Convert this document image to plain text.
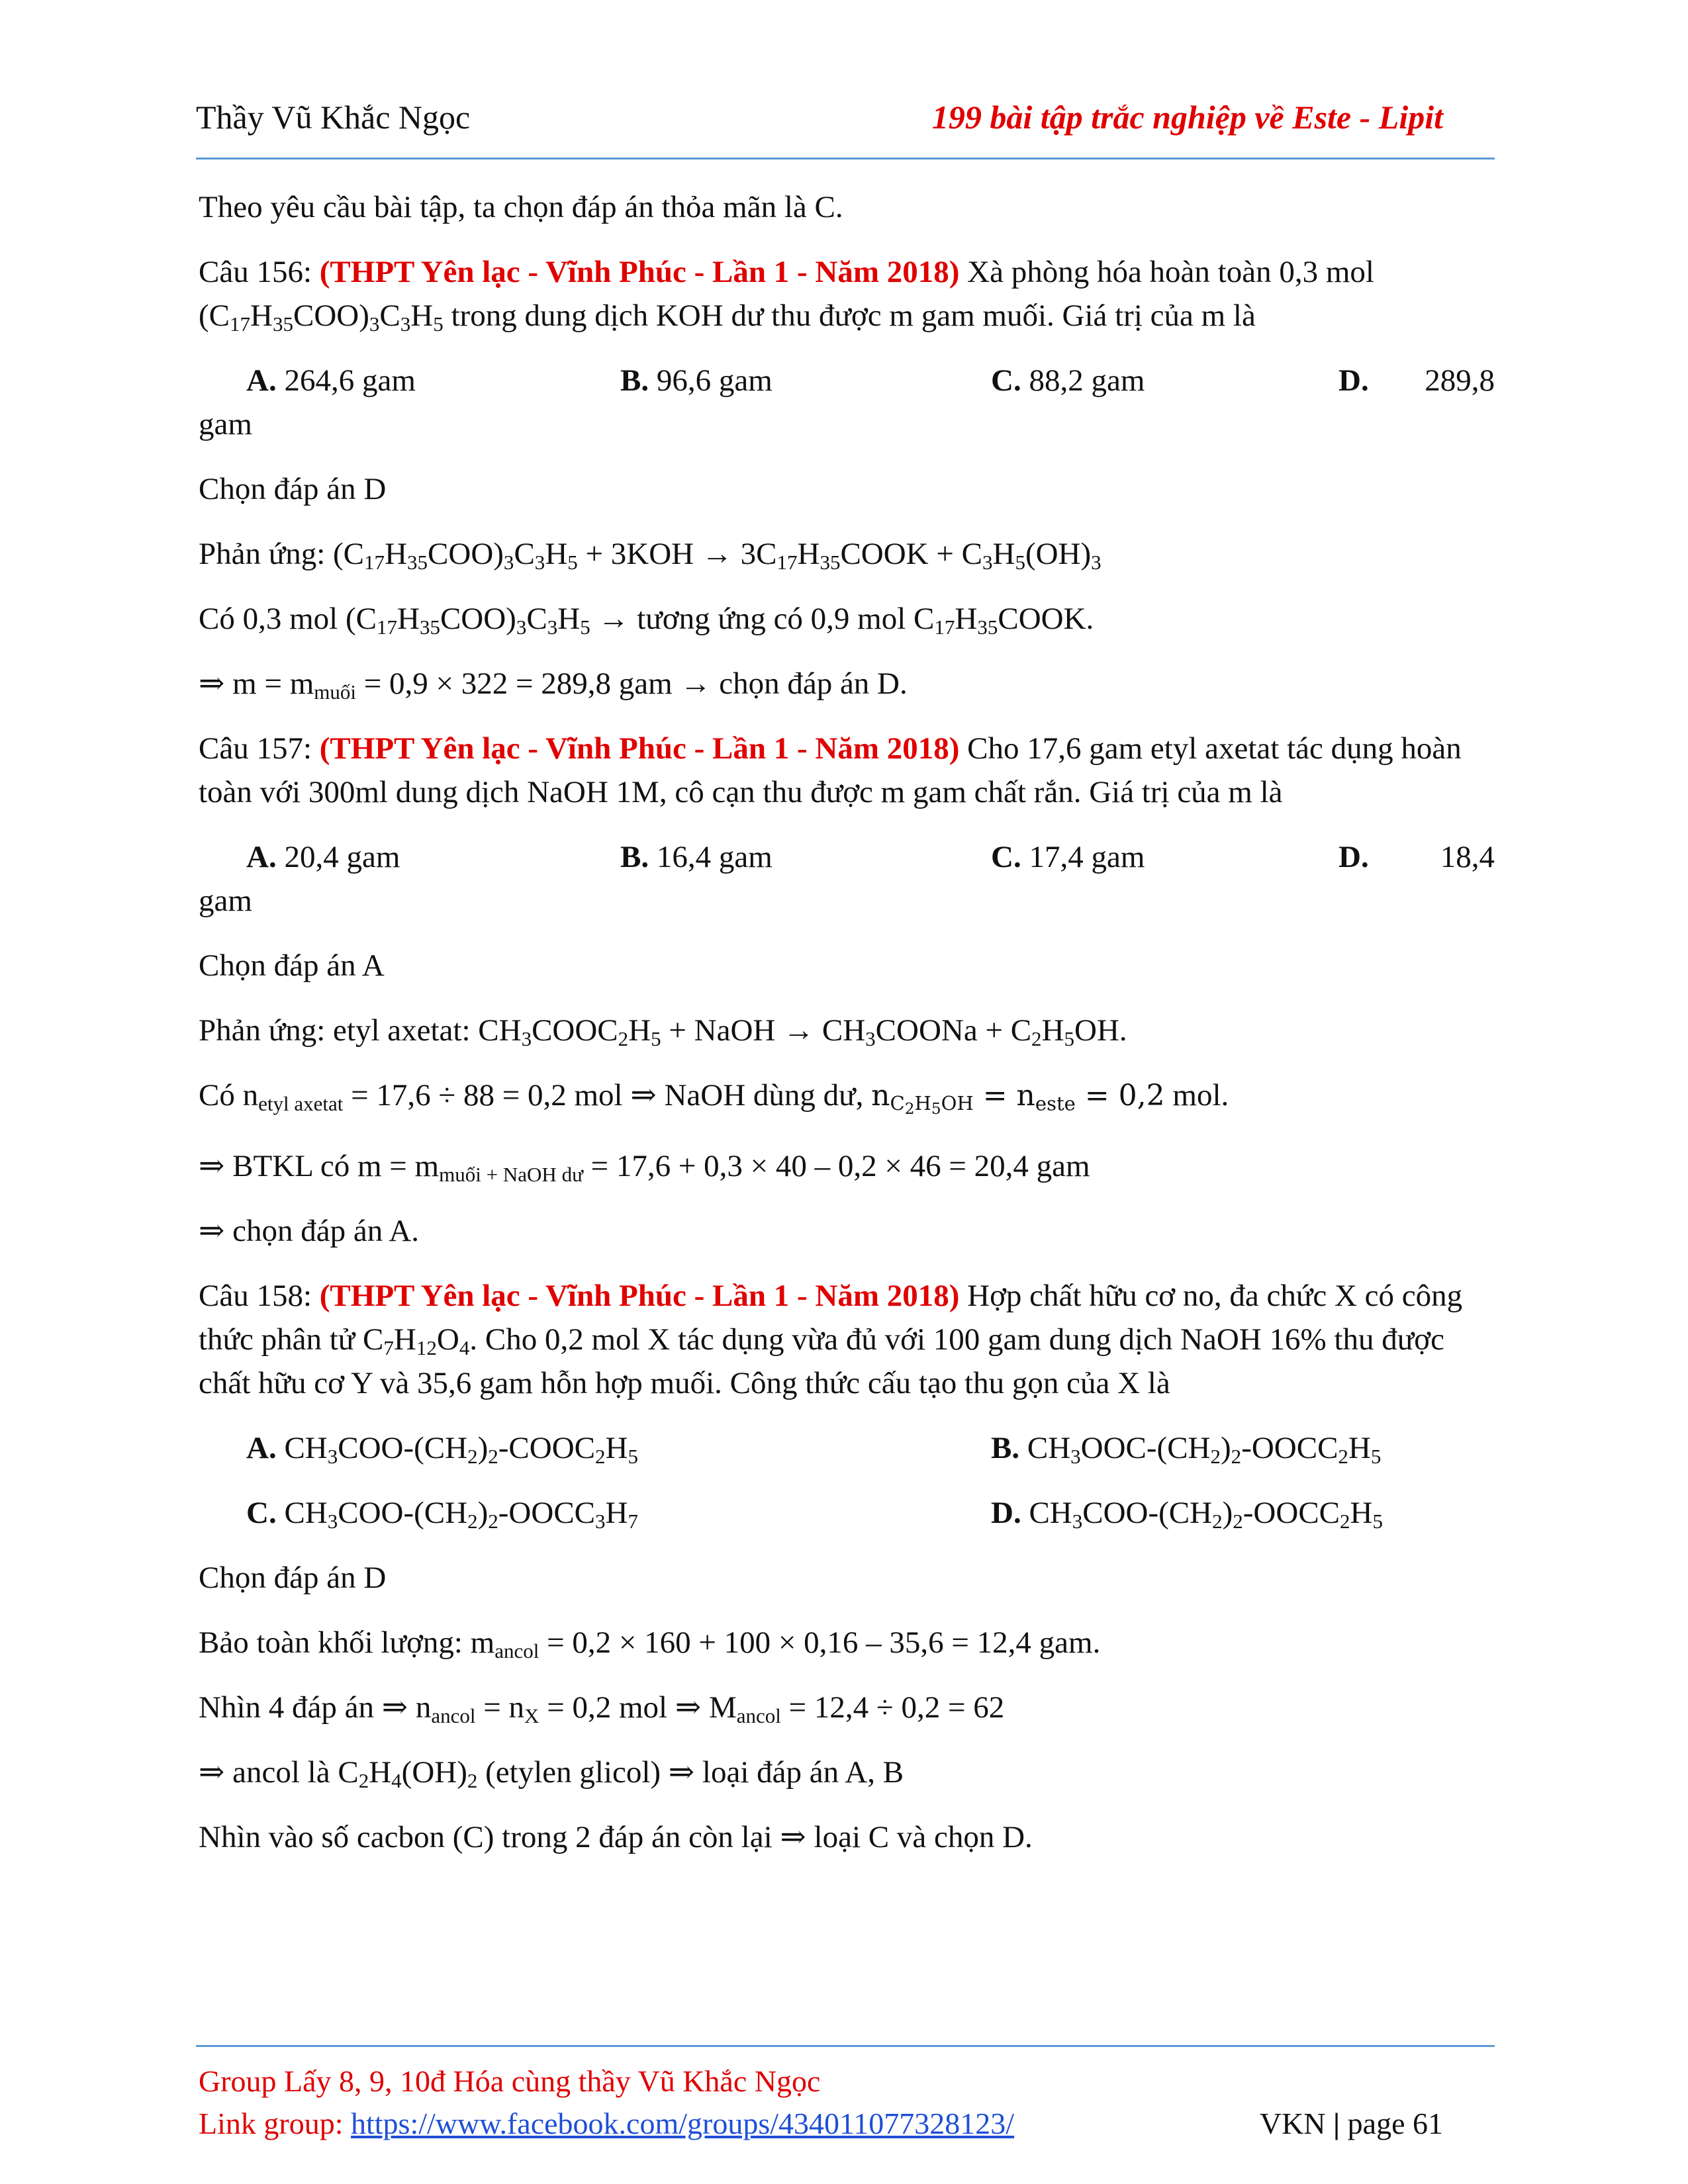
Thầy Vũ Khắc Ngọc	199 bài tập trắc nghiệp về Este - Lipit

Theo yêu cầu bài tập, ta chọn đáp án thỏa mãn là C.

Câu 156: (THPT Yên lạc - Vĩnh Phúc - Lần 1 - Năm 2018) Xà phòng hóa hoàn toàn 0,3 mol $(C_{17}H_{35}COO)_3C_3H_5$ trong dung dịch KOH dư thu được m gam muối. Giá trị của m là

A. 264,6 gam	B. 96,6 gam	C. 88,2 gam	D. 289,8

gam

Chọn đáp án D

Phản ứng: $(C_{17}H_{35}COO)_3C_3H_5 + 3KOH$ → $3C_{17}H_{35}COOK + C_3H_5(OH)_3$

Có 0,3 mol $(C_{17}H_{35}COO)_3C_3H_5$ → tương ứng có 0,9 mol $C_{17}H_{35}COOK$.

⇒ $m = m_{muối} = 0,9 \times 322 = 289,8$ gam → chọn đáp án D.

Câu 157: (THPT Yên lạc - Vĩnh Phúc - Lần 1 - Năm 2018) Cho 17,6 gam etyl axetat tác dụng hoàn toàn với 300ml dung dịch NaOH 1M, cô cạn thu được m gam chất rắn. Giá trị của m là

A. 20,4 gam	B. 16,4 gam	C. 17,4 gam	D. 18,4

gam

Chọn đáp án A

Phản ứng: etyl axetat: $CH_3COOC_2H_5$ + NaOH → $CH_3COONa + C_2H_5OH$.

Có $n_{etyl axetat} = 17,6 \div 88 = 0,2$ mol ⇒ NaOH dùng dư, $n_{C_2H_5OH} = n_{este} = 0,2$ mol.

⇒ BTKL có $m = m_{muối + NaOH dư} = 17,6 + 0,3 \times 40 - 0,2 \times 46 = 20,4$ gam

⇒ chọn đáp án A.

Câu 158: (THPT Yên lạc - Vĩnh Phúc - Lần 1 - Năm 2018) Hợp chất hữu cơ no, đa chức X có công thức phân tử $C_7H_{12}O_4$. Cho 0,2 mol X tác dụng vừa đủ với 100 gam dung dịch NaOH 16% thu được chất hữu cơ Y và 35,6 gam hỗn hợp muối. Công thức cấu tạo thu gọn của X là

A. $CH_3COO-(CH_2)_2-COOC_2H_5$	B. $CH_3OOC-(CH_2)_2-OOCC_2H_5$
C. $CH_3COO-(CH_2)_2-OOCC_3H_7$	D. $CH_3COO-(CH_2)_2-OOCC_2H_5$

Chọn đáp án D

Bảo toàn khối lượng: $m_{ancol} = 0,2 \times 160 + 100 \times 0,16 - 35,6 = 12,4$ gam.

Nhìn 4 đáp án ⇒ $n_{ancol} = n_X = 0,2$ mol ⇒ $M_{ancol} = 12,4 \div 0,2 = 62$

⇒ ancol là $C_2H_4(OH)_2$ (etylen glicol) ⇒ loại đáp án A, B

Nhìn vào số cacbon (C) trong 2 đáp án còn lại ⇒ loại C và chọn D.

Group Lấy 8, 9, 10đ Hóa cùng thầy Vũ Khắc Ngọc
Link group: https://www.facebook.com/groups/434011077328123/	VKN | page 61
